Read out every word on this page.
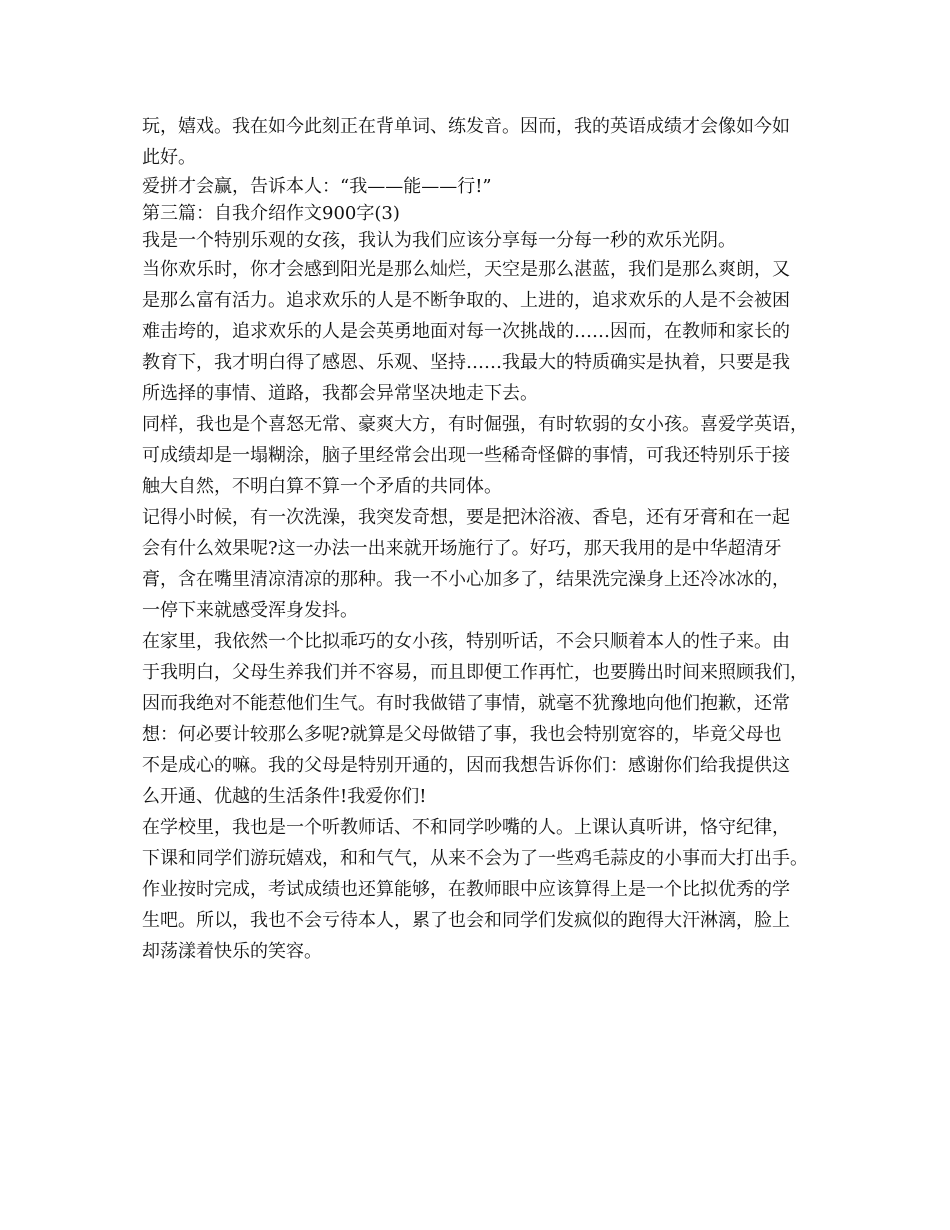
玩，嬉戏。我在如今此刻正在背单词、练发音。因而，我的英语成绩才会像如今如
此好。
爱拼才会赢，告诉本人：“我——能——行!”
第三篇：自我介绍作文900字(3)
我是一个特别乐观的女孩，我认为我们应该分享每一分每一秒的欢乐光阴。
当你欢乐时，你才会感到阳光是那么灿烂，天空是那么湛蓝，我们是那么爽朗，又
是那么富有活力。追求欢乐的人是不断争取的、上进的，追求欢乐的人是不会被困
难击垮的，追求欢乐的人是会英勇地面对每一次挑战的……因而，在教师和家长的
教育下，我才明白得了感恩、乐观、坚持……我最大的特质确实是执着，只要是我
所选择的事情、道路，我都会异常坚决地走下去。
同样，我也是个喜怒无常、豪爽大方，有时倔强，有时软弱的女小孩。喜爱学英语，
可成绩却是一塌糊涂，脑子里经常会出现一些稀奇怪僻的事情，可我还特别乐于接
触大自然，不明白算不算一个矛盾的共同体。
记得小时候，有一次洗澡，我突发奇想，要是把沐浴液、香皂，还有牙膏和在一起
会有什么效果呢?这一办法一出来就开场施行了。好巧，那天我用的是中华超清牙
膏，含在嘴里清凉清凉的那种。我一不小心加多了，结果洗完澡身上还冷冰冰的，
一停下来就感受浑身发抖。
在家里，我依然一个比拟乖巧的女小孩，特别听话，不会只顺着本人的性子来。由
于我明白，父母生养我们并不容易，而且即便工作再忙，也要腾出时间来照顾我们，
因而我绝对不能惹他们生气。有时我做错了事情，就毫不犹豫地向他们抱歉，还常
想：何必要计较那么多呢?就算是父母做错了事，我也会特别宽容的，毕竟父母也
不是成心的嘛。我的父母是特别开通的，因而我想告诉你们：感谢你们给我提供这
么开通、优越的生活条件!我爱你们!
在学校里，我也是一个听教师话、不和同学吵嘴的人。上课认真听讲，恪守纪律，
下课和同学们游玩嬉戏，和和气气，从来不会为了一些鸡毛蒜皮的小事而大打出手。
作业按时完成，考试成绩也还算能够，在教师眼中应该算得上是一个比拟优秀的学
生吧。所以，我也不会亏待本人，累了也会和同学们发疯似的跑得大汗淋漓，脸上
却荡漾着快乐的笑容。
